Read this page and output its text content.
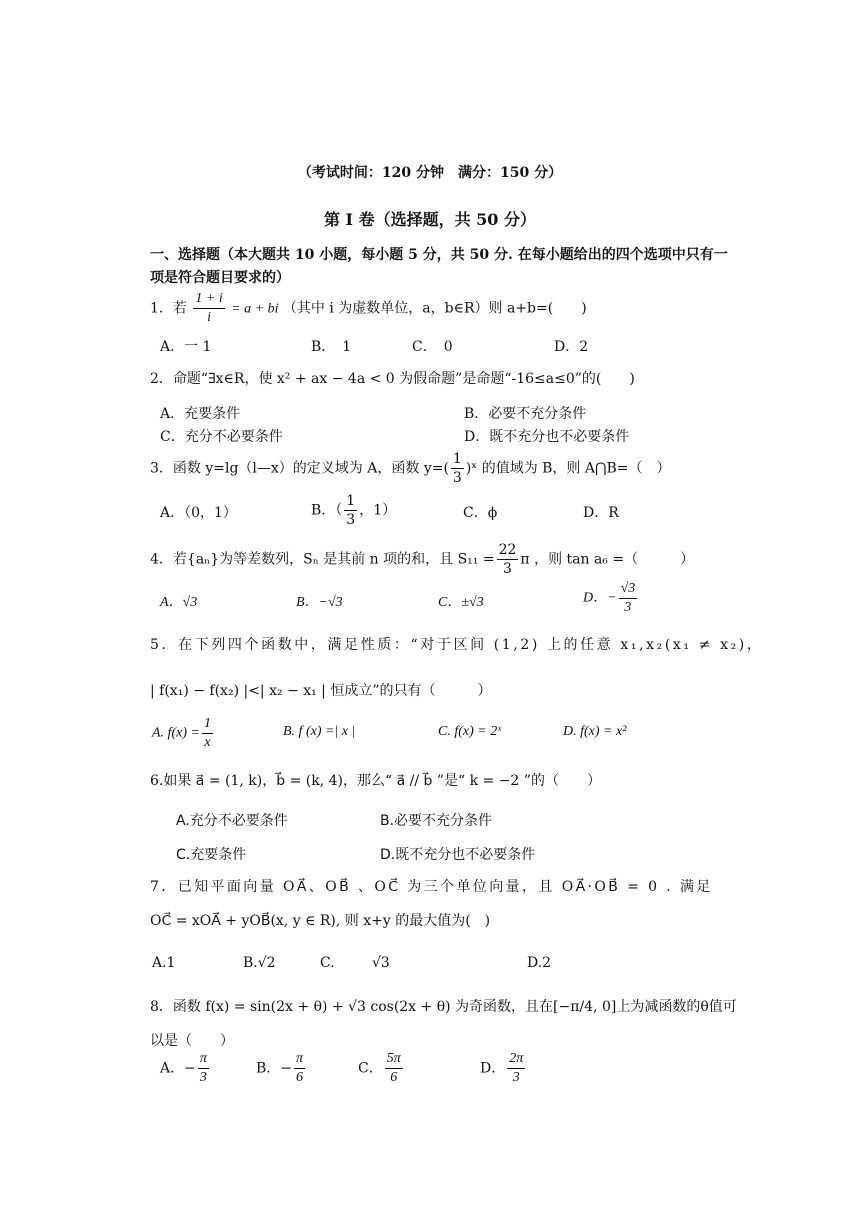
（考试时间：120 分钟　满分：150 分）
第 I 卷（选择题，共 50 分）
一、选择题（本大题共 10 小题，每小题 5 分，共 50 分. 在每小题给出的四个选项中只有一
项是符合题目要求的）
1．若 $\frac{1 + i}{i} = a$ + bi （其中 i 为虚数单位，a，b∈R）则 a+b=(　　)
A．一 1	B．　1	C．　0	D．2
2．命题“∃x∈R，使 x² + ax − 4a < 0 为假命题”是命题“-16≤a≤0”的(　　)
A．充要条件	B．必要不充分条件
C．充分不必要条件	D．既不充分也不必要条件
3．函数 y=lg（l—x）的定义域为 A，函数 $y=( \frac{1}{3}$ )ˣ 的值域为 B，则 A⋂B=（　）
A．（0，1）	B．（ $\frac{1}{3}$ ，1）	C．ϕ	D．R
4．若{aₙ}为等差数列，Sₙ 是其前 n 项的和，且 $S_{11} = \frac{22}{3}$ π ，则 tan a₆ =（　　　）
A．√3	B．−√3	C．±√3	D．− $\frac{√3}{3}$
5．在下列四个函数中，满足性质：“对于区间 (1,2) 上的任意 x₁,x₂(x₁ ≠ x₂)，
| f(x₁) − f(x₂) |<| x₂ − x₁ | 恒成立”的只有（　　　）
A. $f(x) = \frac{1}{x}$	B. f (x) =| x |	C. f(x) = 2ˣ	D. f(x) = x²
6.如果 a⃗ = (1, k)，b⃗ = (k, 4)，那么“ a⃗ // b⃗ ”是“ k = −2 ”的（　　）
A.充分不必要条件	B.必要不充分条件
C.充要条件	D.既不充分也不必要条件
7．已知平面向量 OA⃗、OB⃗ 、OC⃗ 为三个单位向量，且 OA⃗·OB⃗ = 0 . 满足
OC⃗ = xOA⃗ + yOB⃗(x, y ∈ R), 则 x+y 的最大值为(　)
A.1	B.√2	C.	√3	D.2
8．函数 f(x) = sin(2x + θ) + √3 cos(2x + θ) 为奇函数，且在[−π/4, 0]上为减函数的θ值可
以是（　　）
A．− $\frac{\pi}{3}$	B．− $\frac{\pi}{6}$	C． $\frac{5\pi}{6}$	D． $\frac{2\pi}{3}$
